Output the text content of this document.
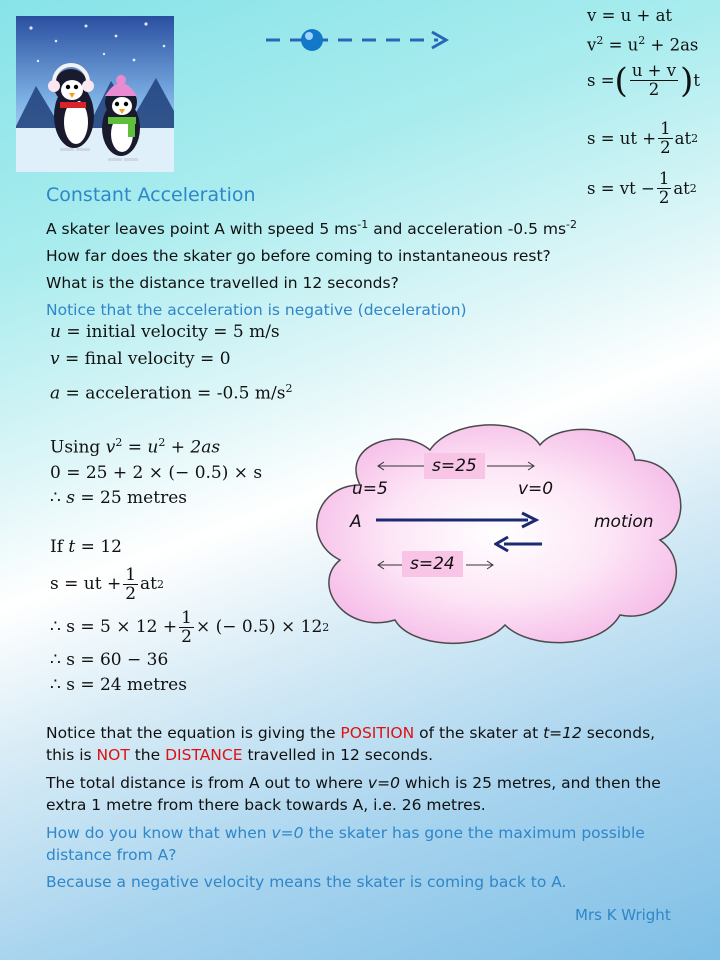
v = u + at
$v^2 = u^2 + 2as$
s = ( $\frac{u + v}{2}$ ) t
s = ut + $\frac{1}{2}$ at 2
s = vt − $\frac{1}{2}$ at 2
Constant Acceleration
A skater leaves point A with speed 5 $ms^{-1}$ and acceleration -0.5 $ms^{-2}$
How far does the skater go before coming to instantaneous rest?
What is the distance travelled in 12 seconds?
Notice that the acceleration is negative (deceleration)
u = initial velocity = 5 m/s
v = final velocity = 0
a = acceleration = -0.5 $m/s^2$
Using $v^2 = u^2 + 2as$
0 = 25 + 2 × (− 0.5) × s
∴ s = 25 metres
If t = 12
s = ut + $\frac{1}{2}$ at 2
∴ $s = 5 \times 12 + \frac{1}{2}$ × (− 0.5) × 12 2
∴ s = 60 − 36
∴ s = 24 metres
s=25
u=5	v=0
A	motion
s=24
Notice that the equation is giving the POSITION of the skater at t=12 seconds, this is NOT the DISTANCE travelled in 12 seconds.
The total distance is from A out to where v=0 which is 25 metres, and then the extra 1 metre from there back towards A, i.e. 26 metres.
How do you know that when v=0 the skater has gone the maximum possible distance from A?
Because a negative velocity means the skater is coming back to A.
Mrs K Wright
